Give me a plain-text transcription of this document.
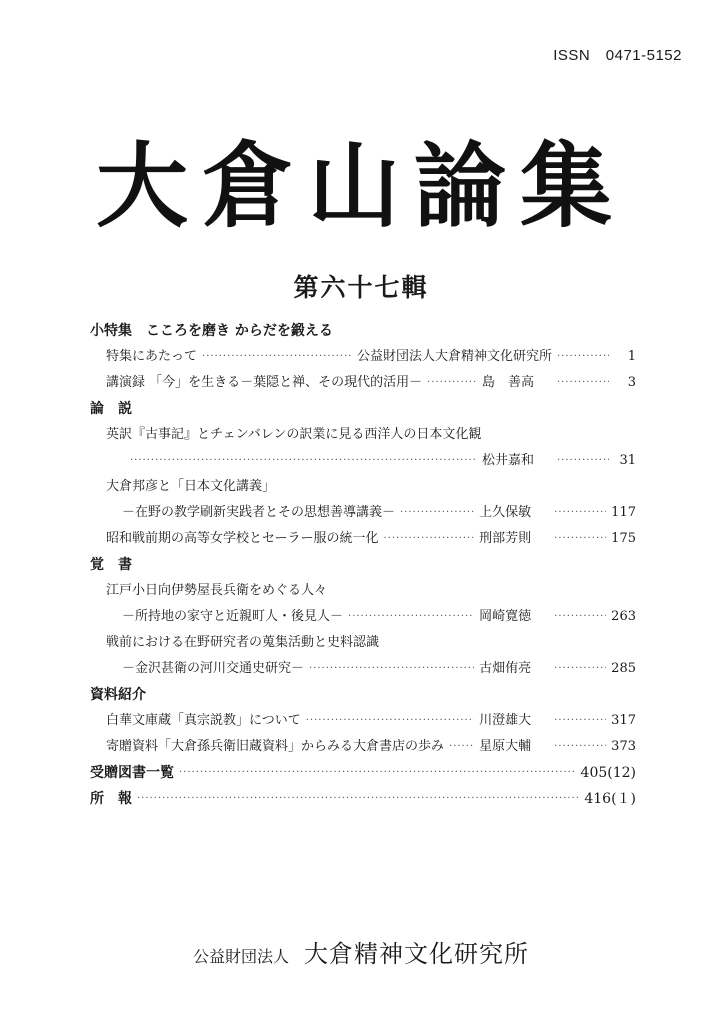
ISSN　0471-5152
大倉山論集
第六十七輯
小特集　こころを磨き からだを鍛える
特集にあたって ·····	公益財団法人大倉精神文化研究所 ·····	1
講演録 「今」を生きる－葉隠と禅、その現代的活用－ ·····	島　善高 ·····	3
論　説
英訳『古事記』とチェンバレンの訳業に見る西洋人の日本文化観
·····
松井嘉和 ·····	31
大倉邦彦と「日本文化講義」
－在野の教学刷新実践者とその思想善導講義－ ·····	上久保敏 ·····	117
昭和戦前期の高等女学校とセーラー服の統一化 ·····	刑部芳則 ·····	175
覚　書
江戸小日向伊勢屋長兵衛をめぐる人々
－所持地の家守と近親町人・後見人－ ·····	岡崎寛徳 ·····	263
戦前における在野研究者の蒐集活動と史料認識
－金沢甚衛の河川交通史研究－ ·····	古畑侑亮 ·····	285
資料紹介
白華文庫蔵「真宗説教」について ·····	川澄雄大 ·····	317
寄贈資料「大倉孫兵衛旧蔵資料」からみる大倉書店の歩み ·····	星原大輔 ·····	373
受贈図書一覧 ·····	405(12)
所　報 ·····	416(１)
公益財団法人 大倉精神文化研究所
